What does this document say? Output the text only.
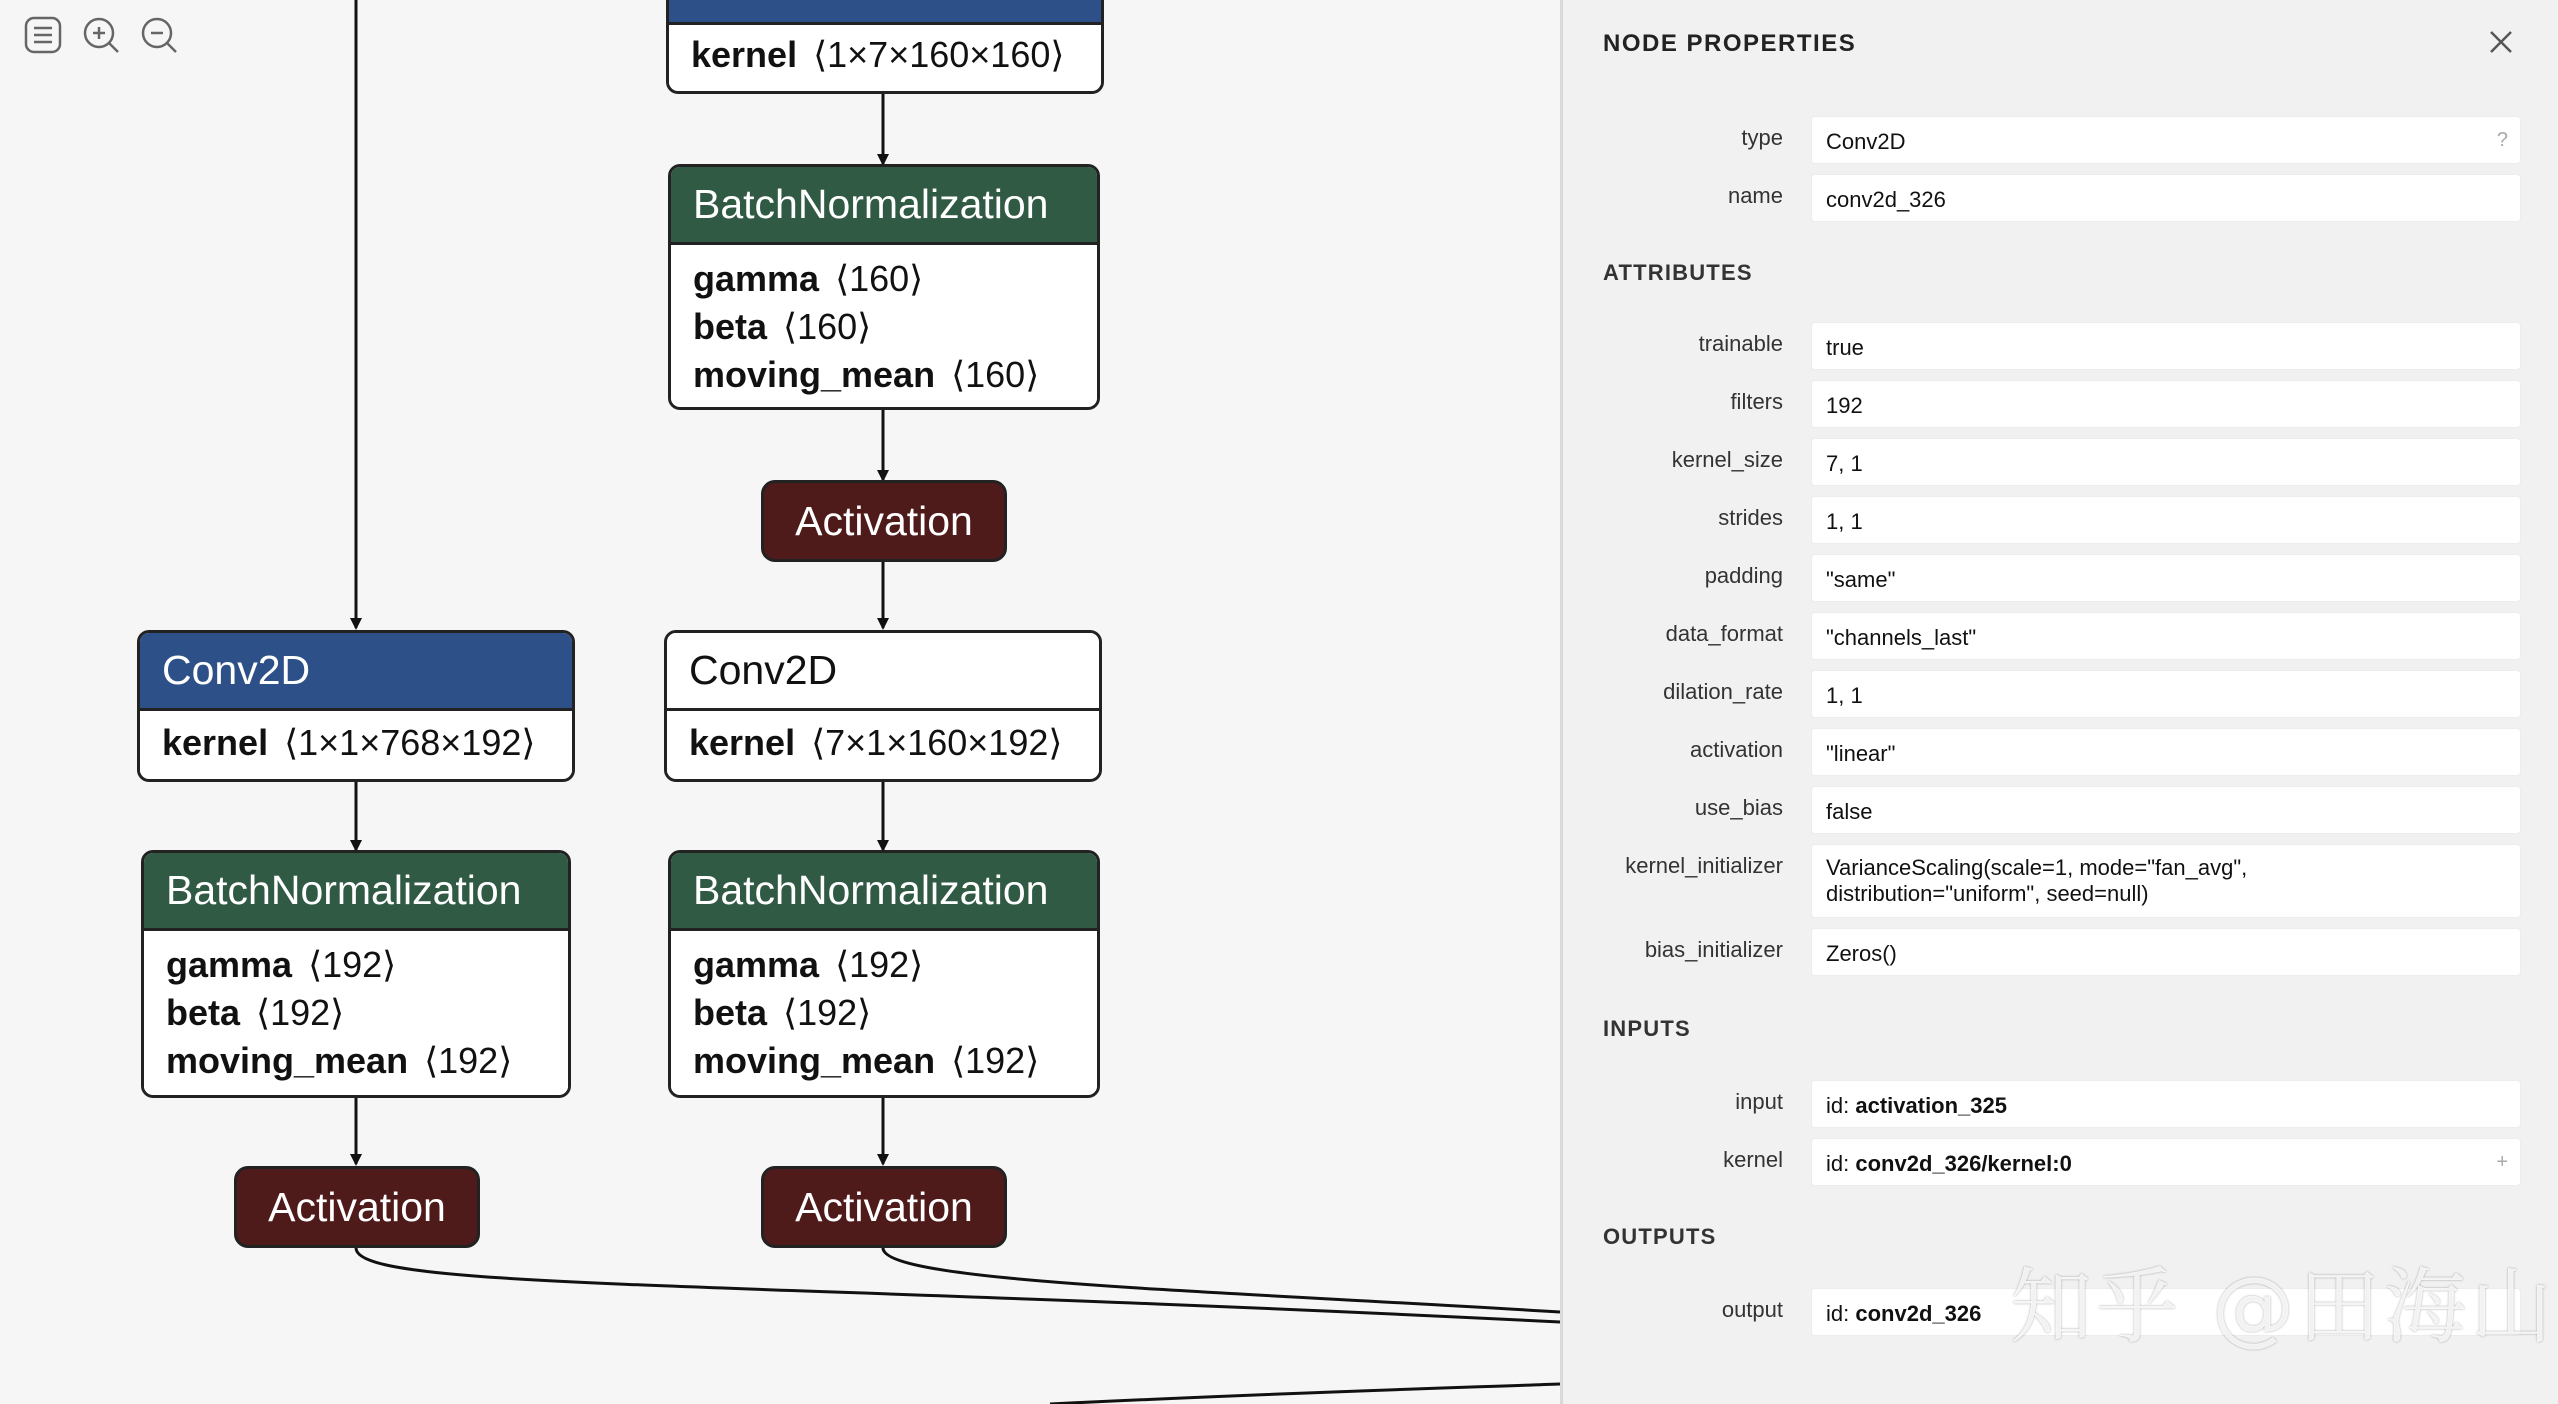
kernel ⟨1×7×160×160⟩
BatchNormalization
gamma ⟨160⟩
beta ⟨160⟩
moving_mean ⟨160⟩
Activation
Conv2D
kernel ⟨1×1×768×192⟩
Conv2D
kernel ⟨7×1×160×192⟩
BatchNormalization
gamma ⟨192⟩
beta ⟨192⟩
moving_mean ⟨192⟩
BatchNormalization
gamma ⟨192⟩
beta ⟨192⟩
moving_mean ⟨192⟩
Activation	Activation
NODE PROPERTIES
type	Conv2D	?
name	conv2d_326
ATTRIBUTES
trainable	true
filters	192
kernel_size	7, 1
strides	1, 1
padding	"same"
data_format	"channels_last"
dilation_rate	1, 1
activation	"linear"
use_bias	false
kernel_initializer VarianceScaling(scale=1, mode="fan_avg",
distribution="uniform", seed=null)
bias_initializer	Zeros()
INPUTS
input	id: activation_325
kernel	id: conv2d_326/kernel:0	+
OUTPUTS
output	id: conv2d_326 知乎 @田海山
